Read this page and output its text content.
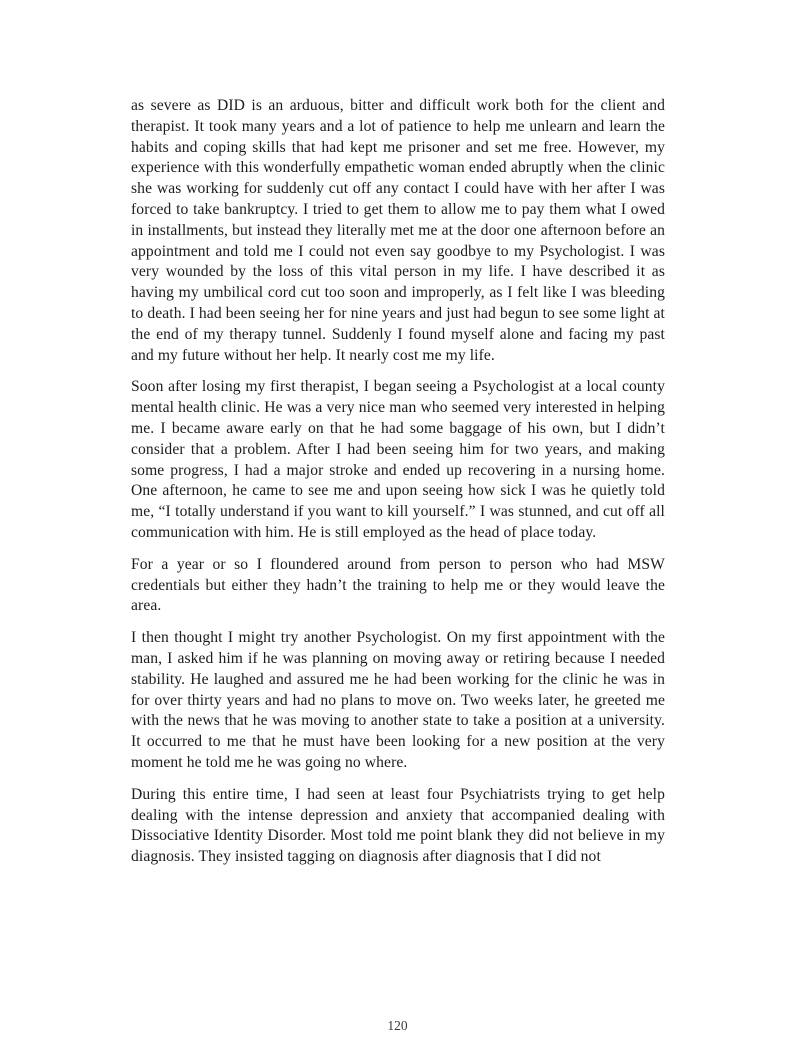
as severe as DID is an arduous, bitter and difficult work both for the client and therapist. It took many years and a lot of patience to help me unlearn and learn the habits and coping skills that had kept me prisoner and set me free. However, my experience with this wonderfully empathetic woman ended abruptly when the clinic she was working for suddenly cut off any contact I could have with her after I was forced to take bankruptcy. I tried to get them to allow me to pay them what I owed in installments, but instead they literally met me at the door one afternoon before an appointment and told me I could not even say goodbye to my Psychologist. I was very wounded by the loss of this vital person in my life. I have described it as having my umbilical cord cut too soon and improperly, as I felt like I was bleeding to death. I had been seeing her for nine years and just had begun to see some light at the end of my therapy tunnel. Suddenly I found myself alone and facing my past and my future without her help. It nearly cost me my life.

Soon after losing my first therapist, I began seeing a Psychologist at a local county mental health clinic. He was a very nice man who seemed very interested in helping me. I became aware early on that he had some baggage of his own, but I didn’t consider that a problem. After I had been seeing him for two years, and making some progress, I had a major stroke and ended up recovering in a nursing home. One afternoon, he came to see me and upon seeing how sick I was he quietly told me, “I totally understand if you want to kill yourself.” I was stunned, and cut off all communication with him. He is still employed as the head of place today.

For a year or so I floundered around from person to person who had MSW credentials but either they hadn’t the training to help me or they would leave the area.

I then thought I might try another Psychologist. On my first appointment with the man, I asked him if he was planning on moving away or retiring because I needed stability. He laughed and assured me he had been working for the clinic he was in for over thirty years and had no plans to move on. Two weeks later, he greeted me with the news that he was moving to another state to take a position at a university. It occurred to me that he must have been looking for a new position at the very moment he told me he was going no where.

During this entire time, I had seen at least four Psychiatrists trying to get help dealing with the intense depression and anxiety that accompanied dealing with Dissociative Identity Disorder. Most told me point blank they did not believe in my diagnosis. They insisted tagging on diagnosis after diagnosis that I did not

120
